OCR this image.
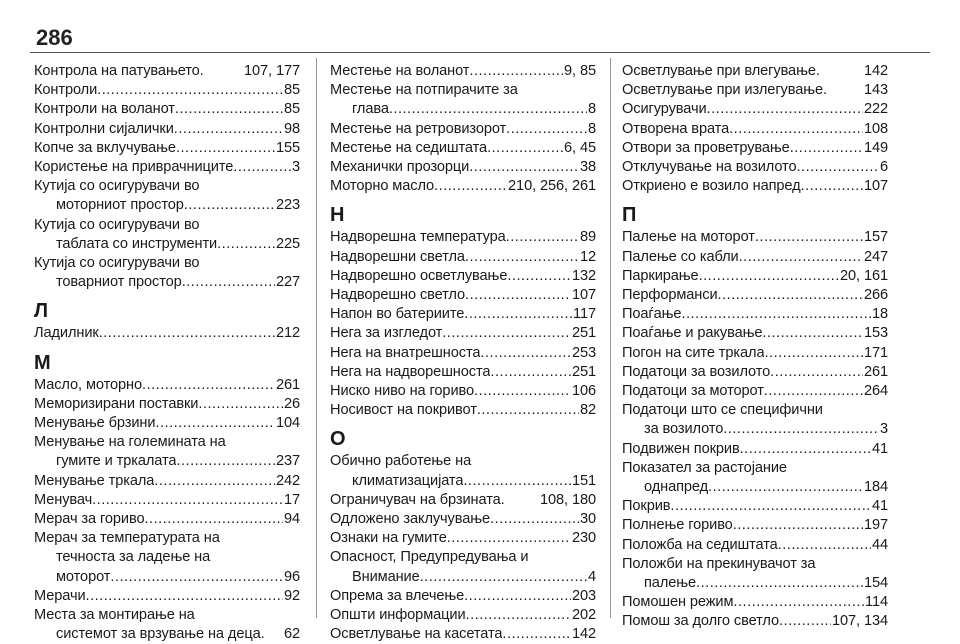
286
Контрола на патувањето .	107, 177
Контроли .....	85
Контроли на воланот .....	85
Контролни сијалички .....	98
Копче за вклучување .....	155
Користење на приврачниците .....	3
Кутија со осигурувачи во
моторниот простор .....	223
Кутија со осигурувачи во
таблата со инструменти .....	225
Кутија со осигурувачи во
товарниот простор .....	227
Л
Ладилник .....	212
М
Масло, моторно .....	261
Меморизирани поставки .....	26
Менување брзини .....	104
Менување на големината на
гумите и тркалата .....	237
Менување тркала .....	242
Менувач .....	17
Мерач за гориво .....	94
Мерач за температурата на
течноста за ладење на
моторот .....	96
Мерачи .....	92
Места за монтирање на
системот за врзување на деца . 62
Местење на воланот .....	9, 85
Местење на потпирачите за
глава .....	8
Местење на ретровизорот .....	8
Местење на седиштата .....	6, 45
Механички прозорци .....	38
Моторно масло .....	210, 256, 261
Н
Надворешна температура .....	89
Надворешни светла .....	12
Надворешно осветлување .....	132
Надворешно светло .....	107
Напон во батериите .....	117
Нега за изгледот .....	251
Нега на внатрешноста .....	253
Нега на надворешноста .....	251
Ниско ниво на гориво .....	106
Носивост на покривот .....	82
О
Обично работење на
климатизацијата .....	151
Ограничувач на брзината . 108, 180
Одложено заклучување .....	30
Ознаки на гумите .....	230
Опасност, Предупредувања и
Внимание .....	4
Опрема за влечење .....	203
Општи информации .....	202
Осветлување на касетата .....	142
Осветлување при влегување .	142
Осветлување при излегување .	143
Осигурувачи .....	222
Отворена врата .....	108
Отвори за проветрување .....	149
Отклучување на возилото .....	6
Откриено е возило напред .....	107
П
Палење на моторот .....	157
Палење со кабли .....	247
Паркирање .....	20, 161
Перформанси .....	266
Поаѓање .....	18
Поаѓање и ракување .....	153
Погон на сите тркала .....	171
Податоци за возилото .....	261
Податоци за моторот .....	264
Податоци што се специфични
за возилото .....	3
Подвижен покрив .....	41
Показател за растојание
однапред .....	184
Покрив .....	41
Полнење гориво .....	197
Положба на седиштата .....	44
Положби на прекинувачот за
палење .....	154
Помошен режим .....	114
Помош за долго светло .....	107, 134
